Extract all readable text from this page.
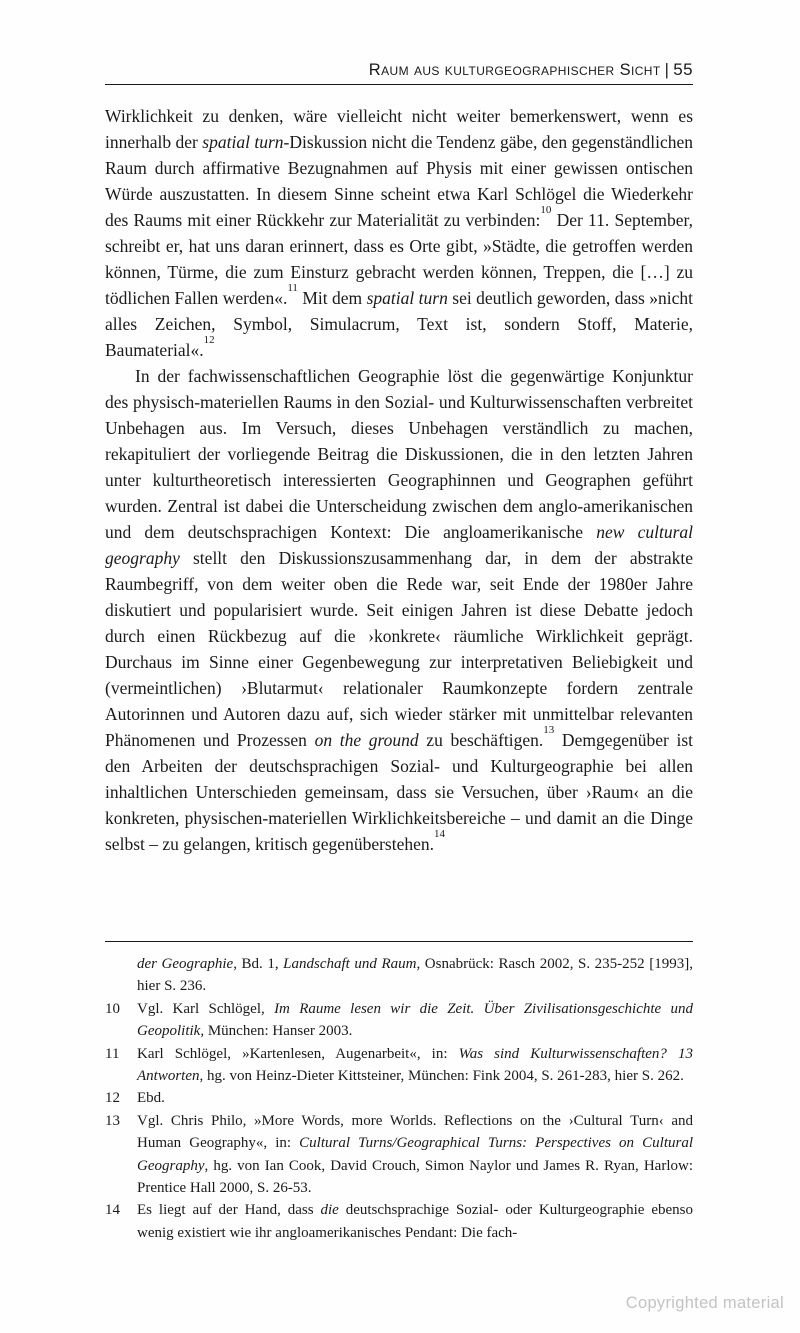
Raum aus kulturgeographischer Sicht | 55

Wirklichkeit zu denken, wäre vielleicht nicht weiter bemerkenswert, wenn es innerhalb der spatial turn-Diskussion nicht die Tendenz gäbe, den gegenständlichen Raum durch affirmative Bezugnahmen auf Physis mit einer gewissen ontischen Würde auszustatten. In diesem Sinne scheint etwa Karl Schlögel die Wiederkehr des Raums mit einer Rückkehr zur Materialität zu verbinden:$^{10}$ Der 11. September, schreibt er, hat uns daran erinnert, dass es Orte gibt, »Städte, die getroffen werden können, Türme, die zum Einsturz gebracht werden können, Treppen, die […] zu tödlichen Fallen werden«.$^{11}$ Mit dem spatial turn sei deutlich geworden, dass »nicht alles Zeichen, Symbol, Simulacrum, Text ist, sondern Stoff, Materie, Baumaterial«.$^{12}$

In der fachwissenschaftlichen Geographie löst die gegenwärtige Konjunktur des physisch-materiellen Raums in den Sozial- und Kulturwissenschaften verbreitet Unbehagen aus. Im Versuch, dieses Unbehagen verständlich zu machen, rekapituliert der vorliegende Beitrag die Diskussionen, die in den letzten Jahren unter kulturtheoretisch interessierten Geographinnen und Geographen geführt wurden. Zentral ist dabei die Unterscheidung zwischen dem anglo-amerikanischen und dem deutschsprachigen Kontext: Die angloamerikanische new cultural geography stellt den Diskussionszusammenhang dar, in dem der abstrakte Raumbegriff, von dem weiter oben die Rede war, seit Ende der 1980er Jahre diskutiert und popularisiert wurde. Seit einigen Jahren ist diese Debatte jedoch durch einen Rückbezug auf die ›konkrete‹ räumliche Wirklichkeit geprägt. Durchaus im Sinne einer Gegenbewegung zur interpretativen Beliebigkeit und (vermeintlichen) ›Blutarmut‹ relationaler Raumkonzepte fordern zentrale Autorinnen und Autoren dazu auf, sich wieder stärker mit unmittelbar relevanten Phänomenen und Prozessen on the ground zu beschäftigen.$^{13}$ Demgegenüber ist den Arbeiten der deutschsprachigen Sozial- und Kulturgeographie bei allen inhaltlichen Unterschieden gemeinsam, dass sie Versuchen, über ›Raum‹ an die konkreten, physischen-materiellen Wirklichkeitsbereiche – und damit an die Dinge selbst – zu gelangen, kritisch gegenüberstehen.$^{14}$

der Geographie, Bd. 1, Landschaft und Raum, Osnabrück: Rasch 2002, S. 235-252 [1993], hier S. 236.
10 Vgl. Karl Schlögel, Im Raume lesen wir die Zeit. Über Zivilisationsgeschichte und Geopolitik, München: Hanser 2003.
11 Karl Schlögel, »Kartenlesen, Augenarbeit«, in: Was sind Kulturwissenschaften? 13 Antworten, hg. von Heinz-Dieter Kittsteiner, München: Fink 2004, S. 261-283, hier S. 262.
12 Ebd.
13 Vgl. Chris Philo, »More Words, more Worlds. Reflections on the ›Cultural Turn‹ and Human Geography«, in: Cultural Turns/Geographical Turns: Perspectives on Cultural Geography, hg. von Ian Cook, David Crouch, Simon Naylor und James R. Ryan, Harlow: Prentice Hall 2000, S. 26-53.
14 Es liegt auf der Hand, dass die deutschsprachige Sozial- oder Kulturgeographie ebenso wenig existiert wie ihr angloamerikanisches Pendant: Die fach-
Copyrighted material
